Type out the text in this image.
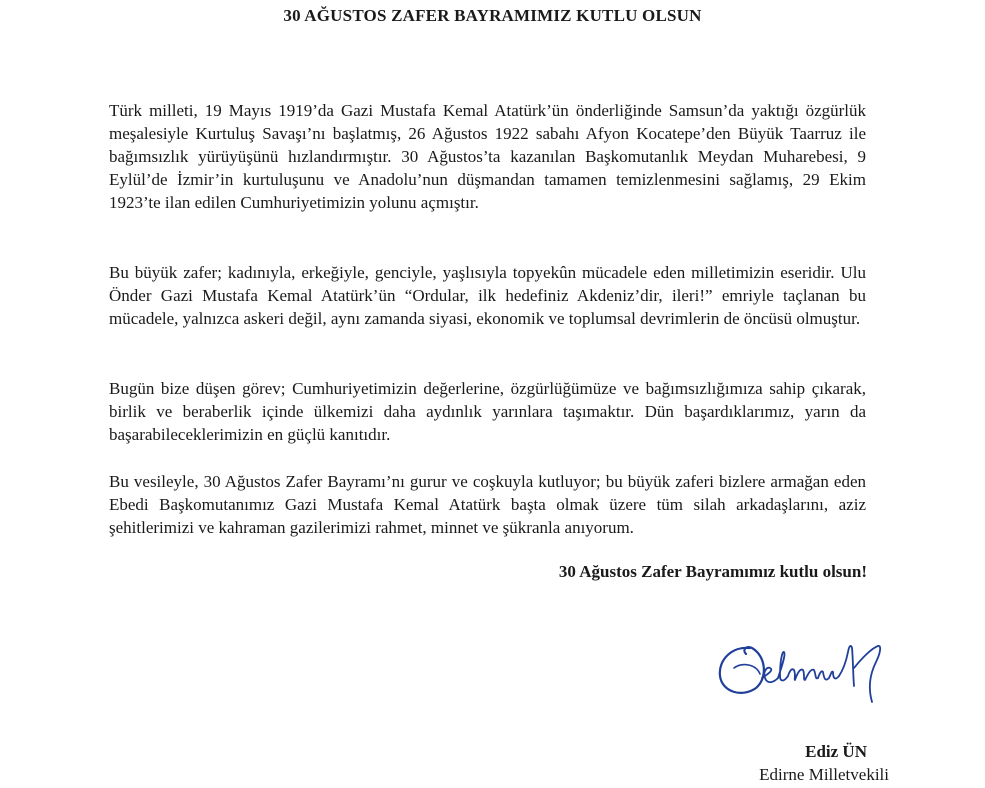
30 AĞUSTOS ZAFER BAYRAMIMIZ KUTLU OLSUN

Türk milleti, 19 Mayıs 1919’da Gazi Mustafa Kemal Atatürk’ün önderliğinde Samsun’da yaktığı özgürlük meşalesiyle Kurtuluş Savaşı’nı başlatmış, 26 Ağustos 1922 sabahı Afyon Kocatepe’den Büyük Taarruz ile bağımsızlık yürüyüşünü hızlandırmıştır. 30 Ağustos’ta kazanılan Başkomutanlık Meydan Muharebesi, 9 Eylül’de İzmir’in kurtuluşunu ve Anadolu’nun düşmandan tamamen temizlenmesini sağlamış, 29 Ekim 1923’te ilan edilen Cumhuriyetimizin yolunu açmıştır.

Bu büyük zafer; kadınıyla, erkeğiyle, genciyle, yaşlısıyla topyekûn mücadele eden milletimizin eseridir. Ulu Önder Gazi Mustafa Kemal Atatürk’ün “Ordular, ilk hedefiniz Akdeniz’dir, ileri!” emriyle taçlanan bu mücadele, yalnızca askeri değil, aynı zamanda siyasi, ekonomik ve toplumsal devrimlerin de öncüsü olmuştur.

Bugün bize düşen görev; Cumhuriyetimizin değerlerine, özgürlüğümüze ve bağımsızlığımıza sahip çıkarak, birlik ve beraberlik içinde ülkemizi daha aydınlık yarınlara taşımaktır. Dün başardıklarımız, yarın da başarabileceklerimizin en güçlü kanıtıdır.

Bu vesileyle, 30 Ağustos Zafer Bayramı’nı gurur ve coşkuyla kutluyor; bu büyük zaferi bizlere armağan eden Ebedi Başkomutanımız Gazi Mustafa Kemal Atatürk başta olmak üzere tüm silah arkadaşlarını, aziz şehitlerimizi ve kahraman gazilerimizi rahmet, minnet ve şükranla anıyorum.

30 Ağustos Zafer Bayramımız kutlu olsun!

Ediz ÜN

Edirne Milletvekili
